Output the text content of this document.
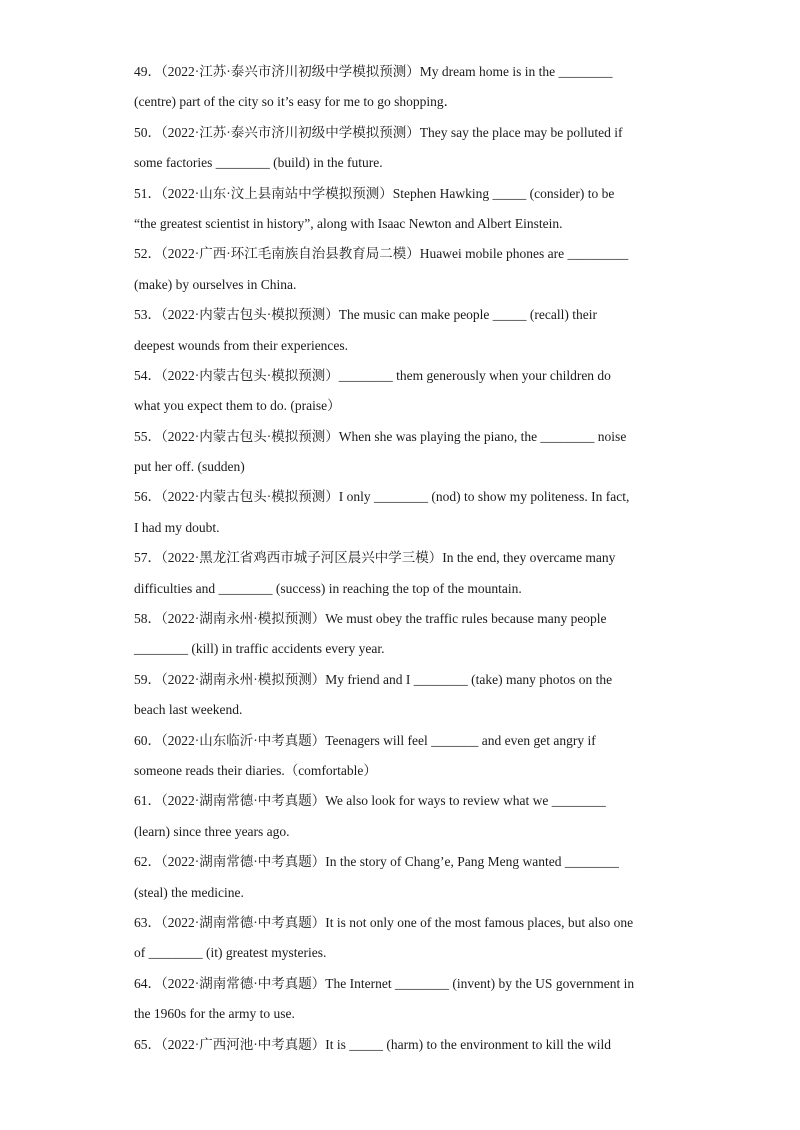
49．（2022·江苏·泰兴市济川初级中学模拟预测）My dream home is in the ________
(centre) part of the city so it’s easy for me to go shopping．
50．（2022·江苏·泰兴市济川初级中学模拟预测）They say the place may be polluted if
some factories ________ (build) in the future.
51．（2022·山东·汶上县南站中学模拟预测）Stephen Hawking _____ (consider) to be
“the greatest scientist in history”, along with Isaac Newton and Albert Einstein.
52．（2022·广西·环江毛南族自治县教育局二模）Huawei mobile phones are _________
(make) by ourselves in China.
53．（2022·内蒙古包头·模拟预测）The music can make people _____ (recall) their
deepest wounds from their experiences.
54．（2022·内蒙古包头·模拟预测）________ them generously when your children do
what you expect them to do. (praise）
55．（2022·内蒙古包头·模拟预测）When she was playing the piano, the ________ noise
put her off. (sudden)
56．（2022·内蒙古包头·模拟预测）I only ________ (nod) to show my politeness. In fact,
I had my doubt.
57．（2022·黑龙江省鸡西市城子河区晨兴中学三模）In the end, they overcame many
difficulties and ________ (success) in reaching the top of the mountain.
58．（2022·湖南永州·模拟预测）We must obey the traffic rules because many people
________ (kill) in traffic accidents every year.
59．（2022·湖南永州·模拟预测）My friend and I ________ (take) many photos on the
beach last weekend.
60．（2022·山东临沂·中考真题）Teenagers will feel _______ and even get angry if
someone reads their diaries.（comfortable）
61．（2022·湖南常德·中考真题）We also look for ways to review what we ________
(learn) since three years ago.
62．（2022·湖南常德·中考真题）In the story of Chang’e, Pang Meng wanted ________
(steal) the medicine.
63．（2022·湖南常德·中考真题）It is not only one of the most famous places, but also one
of ________ (it) greatest mysteries.
64．（2022·湖南常德·中考真题）The Internet ________ (invent) by the US government in
the 1960s for the army to use.
65．（2022·广西河池·中考真题）It is _____ (harm) to the environment to kill the wild
